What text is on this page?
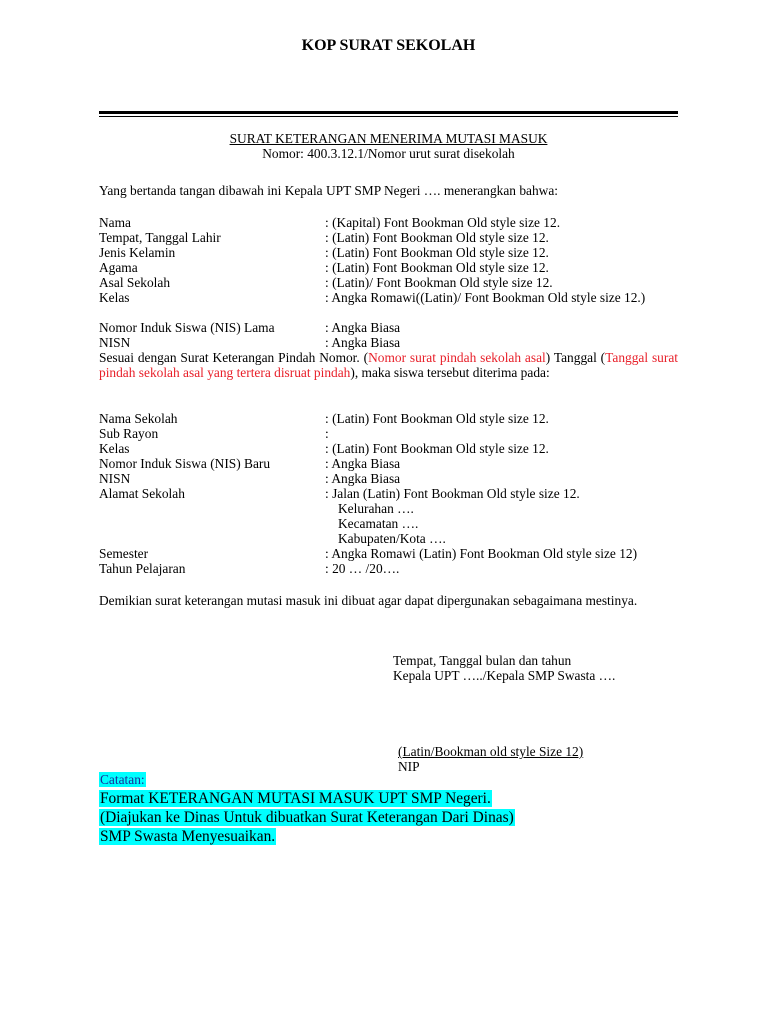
KOP SURAT SEKOLAH
SURAT KETERANGAN MENERIMA MUTASI MASUK
Nomor: 400.3.12.1/Nomor urut surat disekolah
Yang bertanda tangan dibawah ini Kepala UPT SMP Negeri …. menerangkan bahwa:
Nama	: (Kapital) Font Bookman Old style size 12.
Tempat, Tanggal Lahir	: (Latin) Font Bookman Old style size 12.
Jenis Kelamin	: (Latin) Font Bookman Old style size 12.
Agama	: (Latin) Font Bookman Old style size 12.
Asal Sekolah	: (Latin)/ Font Bookman Old style size 12.
Kelas	: Angka Romawi((Latin)/ Font Bookman Old style size 12.)
Nomor Induk Siswa (NIS) Lama	: Angka Biasa
NISN	: Angka Biasa
Sesuai dengan Surat Keterangan Pindah Nomor. (Nomor surat pindah sekolah asal) Tanggal (Tanggal surat pindah sekolah asal yang tertera disruat pindah), maka siswa tersebut diterima pada:
Nama Sekolah	: (Latin) Font Bookman Old style size 12.
Sub Rayon	:
Kelas	: (Latin) Font Bookman Old style size 12.
Nomor Induk Siswa (NIS) Baru	: Angka Biasa
NISN	: Angka Biasa
Alamat Sekolah	: Jalan (Latin) Font Bookman Old style size 12.
Kelurahan ….
Kecamatan ….
Kabupaten/Kota ….
Semester	: Angka Romawi (Latin) Font Bookman Old style size 12)
Tahun Pelajaran	: 20 … /20….
Demikian surat keterangan mutasi masuk ini dibuat agar dapat dipergunakan sebagaimana mestinya.
Tempat, Tanggal bulan dan tahun
Kepala UPT …../Kepala SMP Swasta ….
(Latin/Bookman old style Size 12)
NIP
Catatan:
Format KETERANGAN MUTASI MASUK UPT SMP Negeri.
(Diajukan ke Dinas Untuk dibuatkan Surat Keterangan Dari Dinas)
SMP Swasta Menyesuaikan.
